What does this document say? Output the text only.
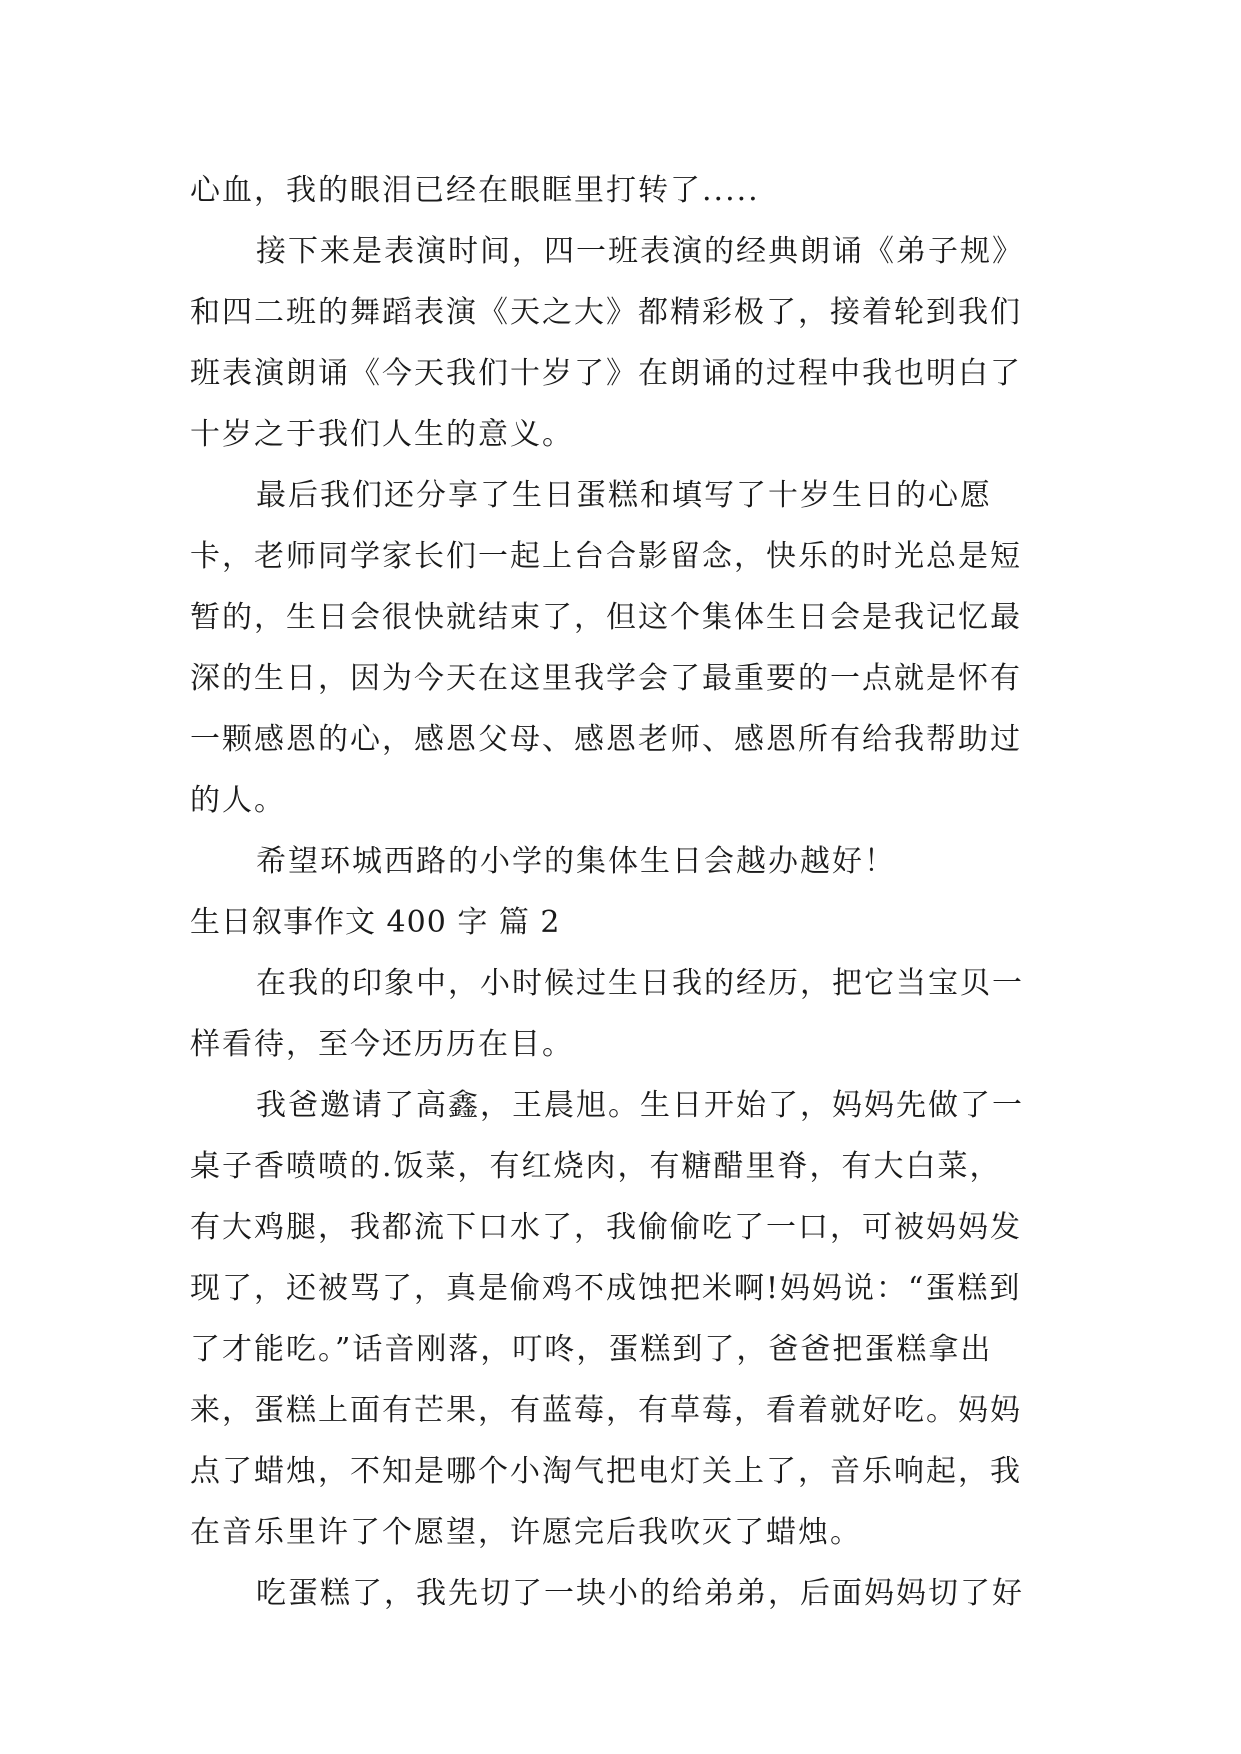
心血，我的眼泪已经在眼眶里打转了.....
接下来是表演时间，四一班表演的经典朗诵《弟子规》
和四二班的舞蹈表演《天之大》都精彩极了，接着轮到我们
班表演朗诵《今天我们十岁了》在朗诵的过程中我也明白了
十岁之于我们人生的意义。
最后我们还分享了生日蛋糕和填写了十岁生日的心愿
卡，老师同学家长们一起上台合影留念，快乐的时光总是短
暂的，生日会很快就结束了，但这个集体生日会是我记忆最
深的生日，因为今天在这里我学会了最重要的一点就是怀有
一颗感恩的心，感恩父母、感恩老师、感恩所有给我帮助过
的人。
希望环城西路的小学的集体生日会越办越好！
生日叙事作文 400 字 篇 2
在我的印象中，小时候过生日我的经历，把它当宝贝一
样看待，至今还历历在目。
我爸邀请了高鑫，王晨旭。生日开始了，妈妈先做了一
桌子香喷喷的.饭菜，有红烧肉，有糖醋里脊，有大白菜，
有大鸡腿，我都流下口水了，我偷偷吃了一口，可被妈妈发
现了，还被骂了，真是偷鸡不成蚀把米啊!妈妈说：“蛋糕到
了才能吃。”话音刚落，叮咚，蛋糕到了，爸爸把蛋糕拿出
来，蛋糕上面有芒果，有蓝莓，有草莓，看着就好吃。妈妈
点了蜡烛，不知是哪个小淘气把电灯关上了，音乐响起，我
在音乐里许了个愿望，许愿完后我吹灭了蜡烛。
吃蛋糕了，我先切了一块小的给弟弟，后面妈妈切了好
